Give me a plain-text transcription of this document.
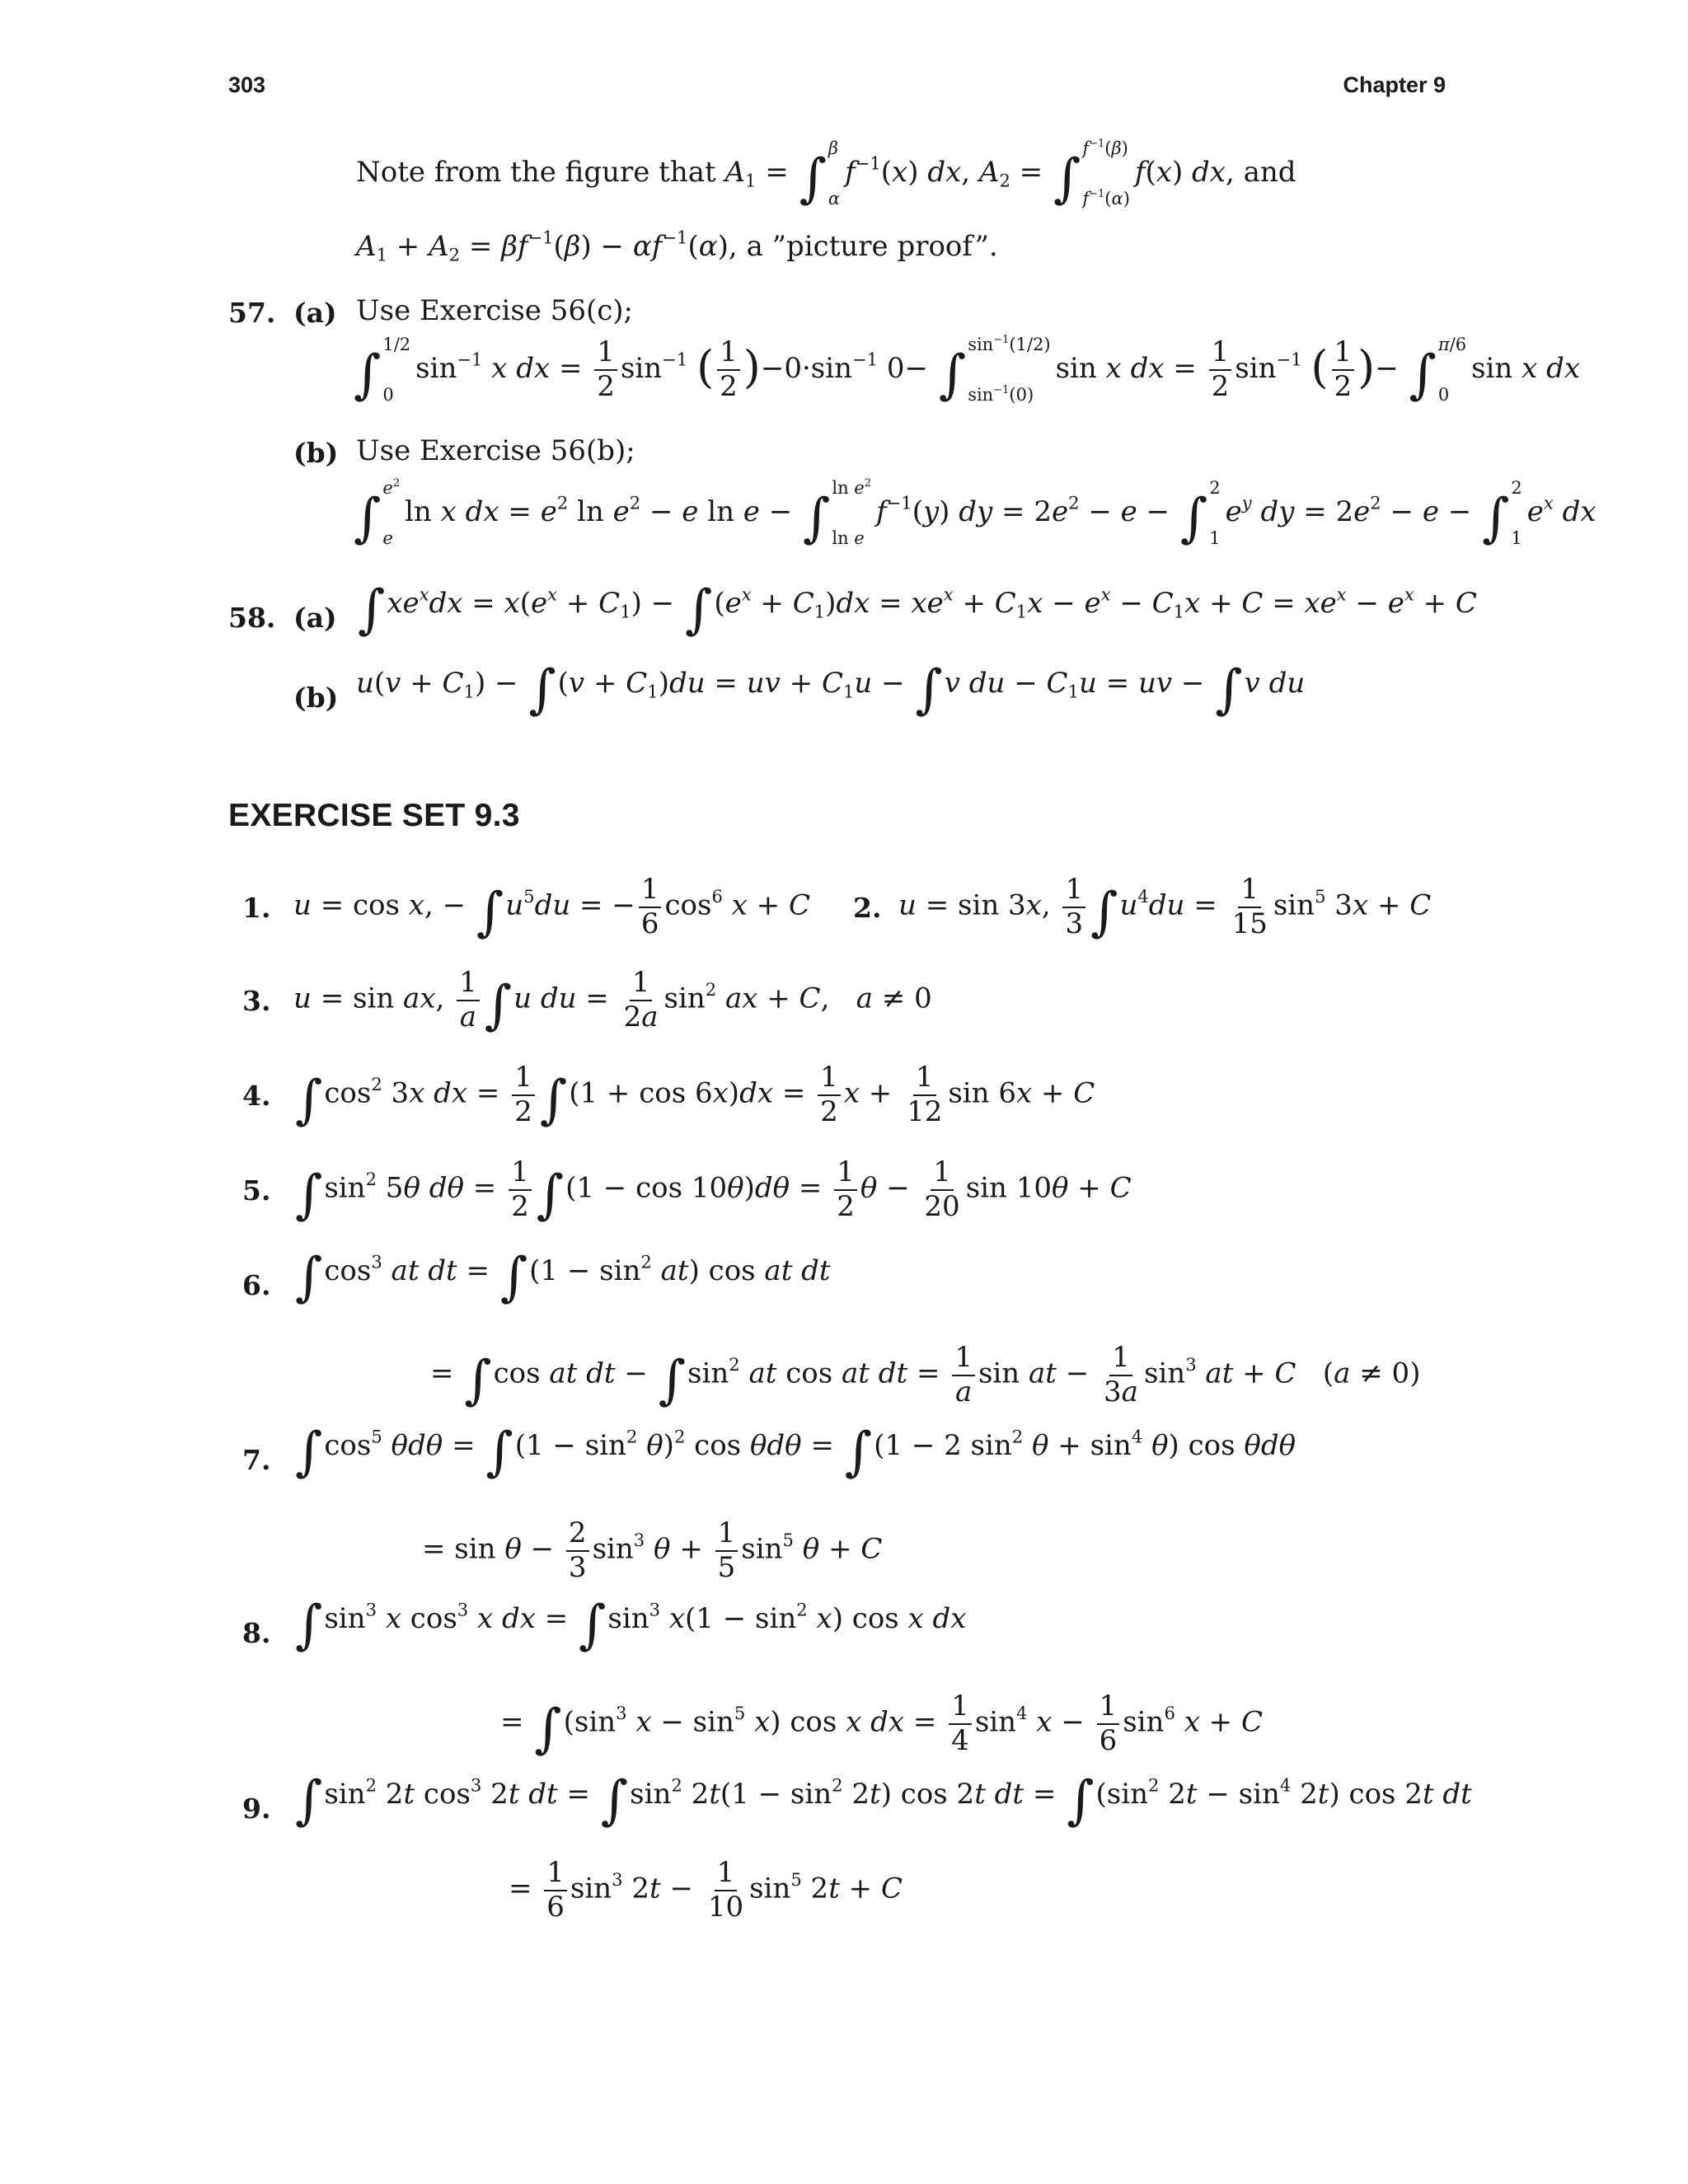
303	Chapter 9
Note from the figure that $A_1$ = ∫ β
α
$f^{-1}(x)$ dx, $A_2$ = ∫ $f^{-1}(\beta)$
$f^{-1}(\alpha)$
f(x) dx, and
$A_1 + A_2 = \beta f^{-1}(\beta) - \alpha f^{-1}(\alpha)$, a ”picture proof”.
57. (a) Use Exercise 56(c);
∫ 1/2
0
$\sin^{-1} x$ dx = $\frac{1}{2} \sin^{-1}$ ( $\frac{1}{2} )-0\cdot\sin^{-1}$ 0− ∫ $\sin^{-1}(1/2)$
$\sin^{-1}(0)$
sin x dx = $\frac{1}{2} \sin^{-1}$ ( $\frac{1}{2}$ )− ∫ π/6
0
sin x dx
(b) Use Exercise 56(b);
∫ $e^2$
e
ln x dx = $e^2$ $\ln e^2 - e$ ln e − ∫ $\ln e^2$
ln e
$f^{-1}(y)$ dy = $2e^2 - e$ − ∫ 2
1
$e^y$ dy = $2e^2 - e$ − ∫ 2
1
$e^x$ dx
58. (a) $\int xe^xdx = x(e^x + C_1) - \int(e^x + C_1)dx = xe^x + C_1x - e^x - C_1x + C = xe^x - e^x + C$
(b) $u(v + C_1) - \int(v + C_1)du$ = uv + $C_1u - \int v$ du − $C_1u$ = uv − ∫v du
EXERCISE SET 9.3
1. u = cos x, − $\int u^5du$ = − $\frac{1}{6} \cos^6 x + C$ 2. u = sin 3x, $\frac{1}{3} \int u^4du = \frac{1}{15} \sin^5 3x + C$
3. u = sin ax, $\frac{1}{a} \int u$ du = $\frac{1}{2a} \sin^2$ ax + C,   a ≠ 0
4. $\int\cos^2$ 3x dx = $\frac{1}{2} \int(1 + \cos 6x)dx = \frac{1}{2}$ $x + \frac{1}{12}$ sin 6x + C
5. $\int\sin^2$ 5θ $d\theta = \frac{1}{2} \int(1 - \cos 10\theta)d\theta = \frac{1}{2}$ $\theta - \frac{1}{20}$ sin 10θ + C
6. $\int\cos^3$ at dt = $\int(1 - \sin^2 at)$ cos at dt
= ∫cos at dt − $\int\sin^2$ at cos at dt = $\frac{1}{a}$ sin at − $\frac{1}{3a} \sin^3$ at + C   (a ≠ 0)
7. $\int\cos^5$ $\theta d\theta = \int(1 - \sin^2 \theta)^2$ cos θdθ = ∫(1 − 2 $\sin^2 \theta + \sin^4 \theta$) cos θdθ
= $\sin \theta - \frac{2}{3} \sin^3 \theta + \frac{1}{5} \sin^5 \theta + C$
8. $\int\sin^3$ x $\cos^3 x$ dx = $\int\sin^3$ $x(1 - \sin^2 x)$ cos x dx
= $\int(\sin^3$ $x - \sin^5 x$) cos x dx = $\frac{1}{4} \sin^4 x - \frac{1}{6} \sin^6 x + C$
9. $\int\sin^2$ 2t $\cos^3 2t$ dt = $\int\sin^2$ $2t(1 - \sin^2 2t)$ cos 2t dt = $\int(\sin^2$ $2t - \sin^4 2t$) cos 2t dt
= $\frac{1}{6} \sin^3 2t - \frac{1}{10} \sin^5 2t + C$
